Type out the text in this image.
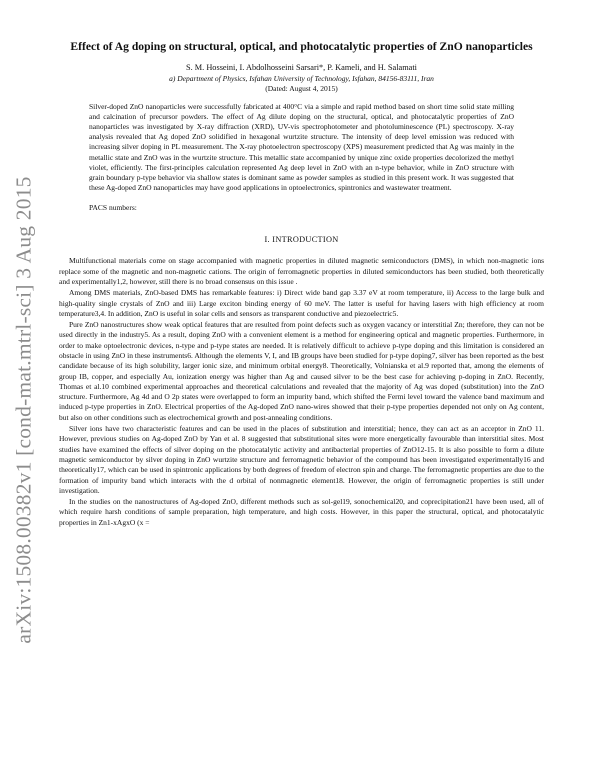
arXiv:1508.00382v1 [cond-mat.mtrl-sci] 3 Aug 2015
Effect of Ag doping on structural, optical, and photocatalytic properties of ZnO nanoparticles
S. M. Hosseini, I. Abdolhosseini Sarsari*, P. Kameli, and H. Salamati
a) Department of Physics, Isfahan University of Technology, Isfahan, 84156-83111, Iran
(Dated: August 4, 2015)
Silver-doped ZnO nanoparticles were successfully fabricated at 400°C via a simple and rapid method based on short time solid state milling and calcination of precursor powders. The effect of Ag dilute doping on the structural, optical, and photocatalytic properties of ZnO nanoparticles was investigated by X-ray diffraction (XRD), UV-vis spectrophotometer and photoluminescence (PL) spectroscopy. X-ray analysis revealed that Ag doped ZnO solidified in hexagonal wurtzite structure. The intensity of deep level emission was reduced with increasing silver doping in PL measurement. The X-ray photoelectron spectroscopy (XPS) measurement predicted that Ag was mainly in the metallic state and ZnO was in the wurtzite structure. This metallic state accompanied by unique zinc oxide properties decolorized the methyl violet, efficiently. The first-principles calculation represented Ag deep level in ZnO with an n-type behavior, while in ZnO structure with grain boundary p-type behavior via shallow states is dominant same as powder samples as studied in this present work. It was suggested that these Ag-doped ZnO nanoparticles may have good applications in optoelectronics, spintronics and wastewater treatment.
PACS numbers:
I. INTRODUCTION

Multifunctional materials come on stage accompanied with magnetic properties in diluted magnetic semiconductors (DMS), in which non-magnetic ions replace some of the magnetic and non-magnetic cations. The origin of ferromagnetic properties in diluted semiconductors has been studied, both theoretically and experimentally1,2, however, still there is no broad consensus on this issue .

Among DMS materials, ZnO-based DMS has remarkable features: i) Direct wide band gap 3.37 eV at room temperature, ii) Access to the large bulk and high-quality single crystals of ZnO and iii) Large exciton binding energy of 60 meV. The latter is useful for having lasers with high efficiency at room temperature3,4. In addition, ZnO is useful in solar cells and sensors as transparent conductive and piezoelectric5.

Pure ZnO nanostructures show weak optical features that are resulted from point defects such as oxygen vacancy or interstitial Zn; therefore, they can not be used directly in the industry5. As a result, doping ZnO with a convenient element is a method for engineering optical and magnetic properties. Furthermore, in order to make optoelectronic devices, n-type and p-type states are needed. It is relatively difficult to achieve p-type doping and this limitation is considered an obstacle in using ZnO in these instruments6. Although the elements V, I, and IB groups have been studied for p-type doping7, silver has been reported as the best candidate because of its high solubility, larger ionic size, and minimum orbital energy8. Theoretically, Volnianska et al.9 reported that, among the elements of group IB, copper, and especially Au, ionization energy was higher than Ag and caused silver to be the best case for achieving p-doping in ZnO. Recently, Thomas et al.10 combined experimental approaches and theoretical calculations and revealed that the majority of Ag was doped (substitution) into the ZnO structure. Furthermore, Ag 4d and O 2p states were overlapped to form an impurity band, which shifted the Fermi level toward the valence band maximum and induced p-type properties in ZnO. Electrical properties of the Ag-doped ZnO nano-wires showed that their p-type properties depended not only on Ag content, but also on other conditions such as electrochemical growth and post-annealing conditions.

Silver ions have two characteristic features and can be used in the places of substitution and interstitial; hence, they can act as an acceptor in ZnO 11. However, previous studies on Ag-doped ZnO by Yan et al. 8 suggested that substitutional sites were more energetically favourable than interstitial sites. Most studies have examined the effects of silver doping on the photocatalytic activity and antibacterial properties of ZnO12-15. It is also possible to form a dilute magnetic semiconductor by silver doping in ZnO wurtzite structure and ferromagnetic behavior of the compound has been investigated experimentally16 and theoretically17, which can be used in spintronic applications by both degrees of freedom of electron spin and charge. The ferromagnetic properties are due to the formation of impurity band which interacts with the d orbital of nonmagnetic element18. However, the origin of ferromagnetic properties is still under investigation.

In the studies on the nanostructures of Ag-doped ZnO, different methods such as sol-gel19, sonochemical20, and coprecipitation21 have been used, all of which require harsh conditions of sample preparation, high temperature, and high costs. However, in this paper the structural, optical, and photocatalytic properties in Zn1-xAgxO (x =
